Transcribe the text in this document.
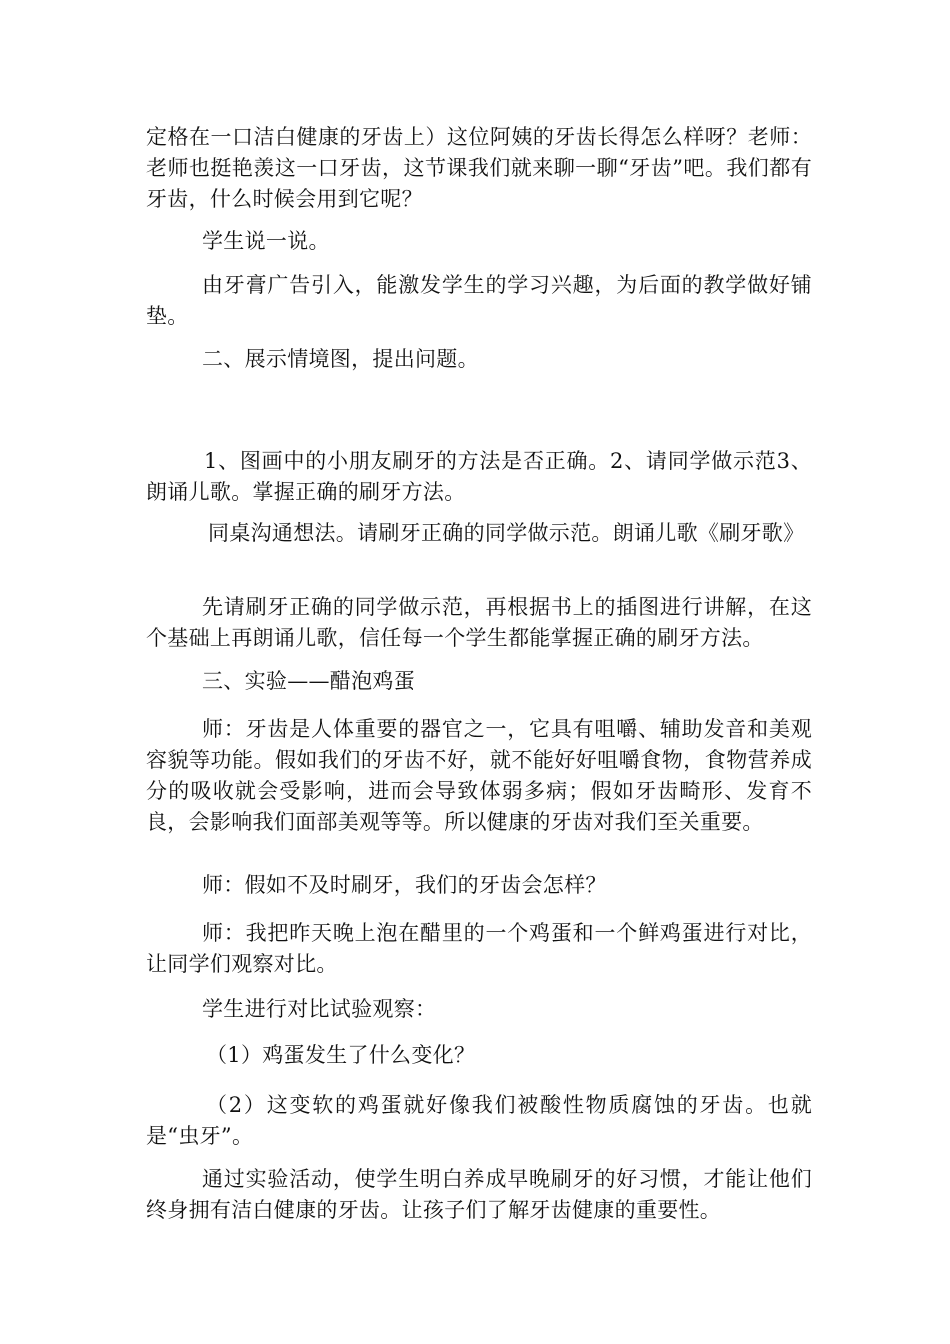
定格在一口洁白健康的牙齿上）这位阿姨的牙齿长得怎么样呀？老师：老师也挺艳羡这一口牙齿，这节课我们就来聊一聊“牙齿”吧。我们都有牙齿，什么时候会用到它呢？

学生说一说。

由牙膏广告引入，能激发学生的学习兴趣，为后面的教学做好铺垫。

二、展示情境图，提出问题。

1、图画中的小朋友刷牙的方法是否正确。2、请同学做示范3、朗诵儿歌。掌握正确的刷牙方法。

同桌沟通想法。请刷牙正确的同学做示范。朗诵儿歌《刷牙歌》

先请刷牙正确的同学做示范，再根据书上的插图进行讲解，在这个基础上再朗诵儿歌，信任每一个学生都能掌握正确的刷牙方法。

三、实验——醋泡鸡蛋

师：牙齿是人体重要的器官之一，它具有咀嚼、辅助发音和美观容貌等功能。假如我们的牙齿不好，就不能好好咀嚼食物，食物营养成分的吸收就会受影响，进而会导致体弱多病；假如牙齿畸形、发育不良，会影响我们面部美观等等。所以健康的牙齿对我们至关重要。

师：假如不及时刷牙，我们的牙齿会怎样？

师：我把昨天晚上泡在醋里的一个鸡蛋和一个鲜鸡蛋进行对比，让同学们观察对比。

学生进行对比试验观察：

（1）鸡蛋发生了什么变化？

（2）这变软的鸡蛋就好像我们被酸性物质腐蚀的牙齿。也就是“虫牙”。

通过实验活动，使学生明白养成早晚刷牙的好习惯，才能让他们终身拥有洁白健康的牙齿。让孩子们了解牙齿健康的重要性。
